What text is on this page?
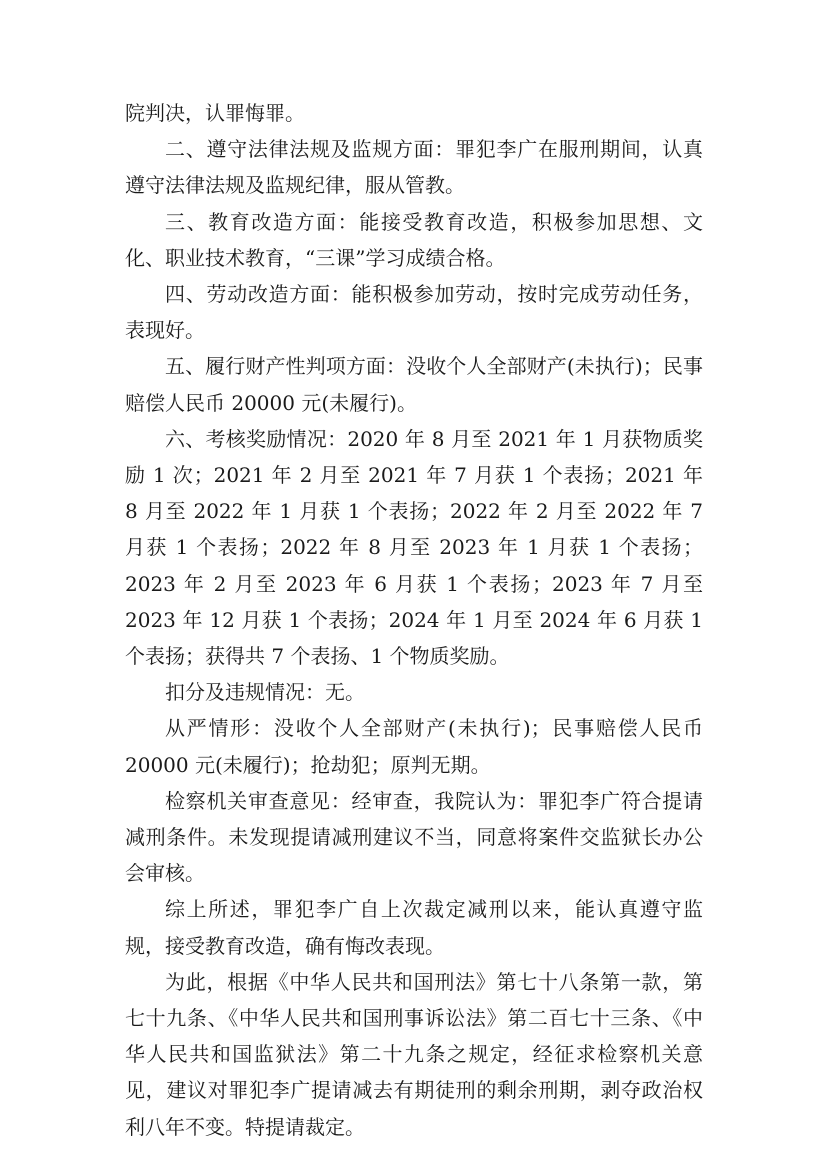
院判决，认罪悔罪。

二、遵守法律法规及监规方面：罪犯李广在服刑期间，认真遵守法律法规及监规纪律，服从管教。

三、教育改造方面：能接受教育改造，积极参加思想、文化、职业技术教育，“三课”学习成绩合格。

四、劳动改造方面：能积极参加劳动，按时完成劳动任务，表现好。

五、履行财产性判项方面：没收个人全部财产(未执行)；民事赔偿人民币 20000 元(未履行)。

六、考核奖励情况：2020 年 8 月至 2021 年 1 月获物质奖励 1 次；2021 年 2 月至 2021 年 7 月获 1 个表扬；2021 年 8 月至 2022 年 1 月获 1 个表扬；2022 年 2 月至 2022 年 7 月获 1 个表扬；2022 年 8 月至 2023 年 1 月获 1 个表扬；2023 年 2 月至 2023 年 6 月获 1 个表扬；2023 年 7 月至 2023 年 12 月获 1 个表扬；2024 年 1 月至 2024 年 6 月获 1 个表扬；获得共 7 个表扬、1 个物质奖励。

扣分及违规情况：无。

从严情形：没收个人全部财产(未执行)；民事赔偿人民币 20000 元(未履行)；抢劫犯；原判无期。

检察机关审查意见：经审查，我院认为：罪犯李广符合提请减刑条件。未发现提请减刑建议不当，同意将案件交监狱长办公会审核。

综上所述，罪犯李广自上次裁定减刑以来，能认真遵守监规，接受教育改造，确有悔改表现。

为此，根据《中华人民共和国刑法》第七十八条第一款，第七十九条、《中华人民共和国刑事诉讼法》第二百七十三条、《中华人民共和国监狱法》第二十九条之规定，经征求检察机关意见，建议对罪犯李广提请减去有期徒刑的剩余刑期，剥夺政治权利八年不变。特提请裁定。
